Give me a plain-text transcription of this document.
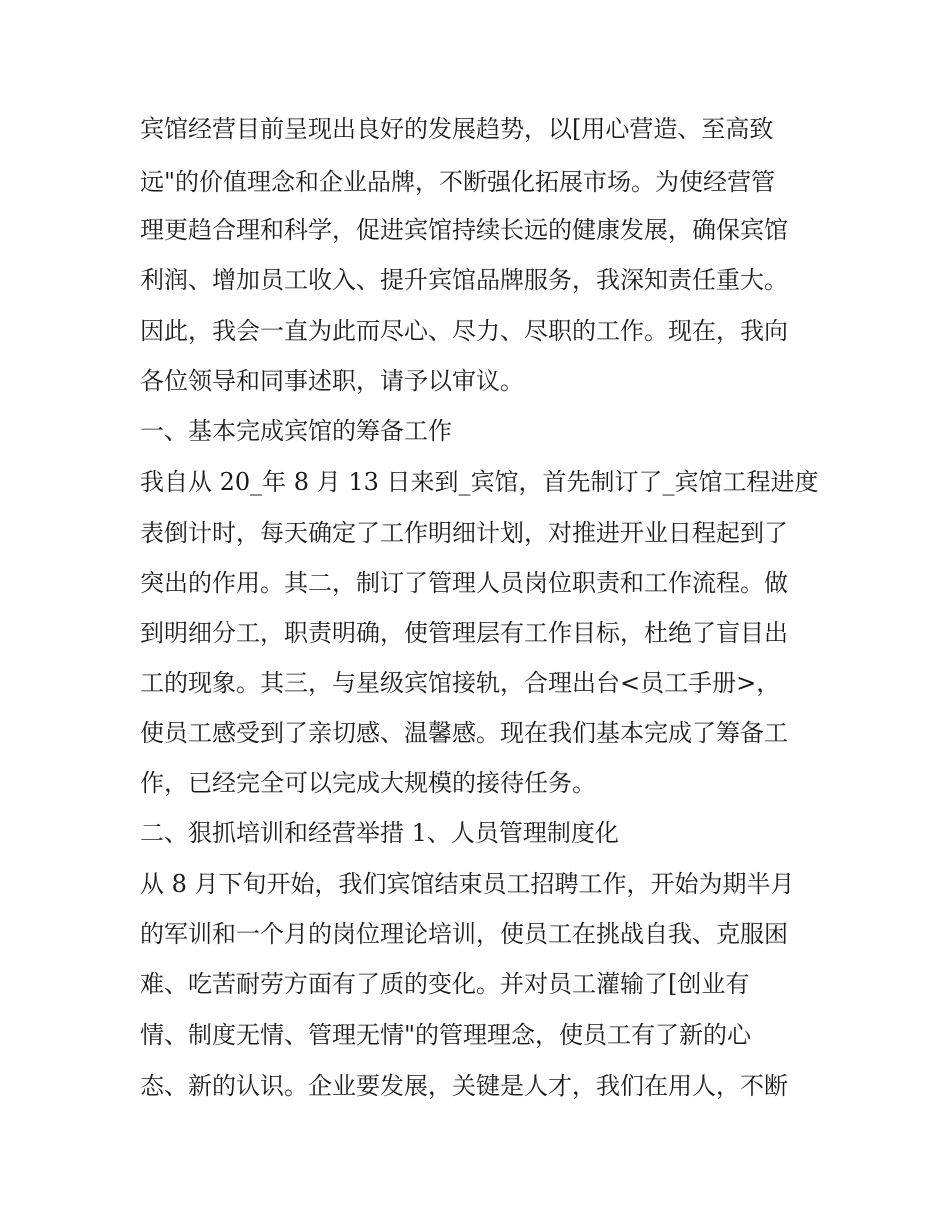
宾馆经营目前呈现出良好的发展趋势，以[用心营造、至高致
远"的价值理念和企业品牌，不断强化拓展市场。为使经营管
理更趋合理和科学，促进宾馆持续长远的健康发展，确保宾馆
利润、增加员工收入、提升宾馆品牌服务，我深知责任重大。
因此，我会一直为此而尽心、尽力、尽职的工作。现在，我向
各位领导和同事述职，请予以审议。
一、基本完成宾馆的筹备工作
我自从 20_年 8 月 13 日来到_宾馆，首先制订了_宾馆工程进度
表倒计时，每天确定了工作明细计划，对推进开业日程起到了
突出的作用。其二，制订了管理人员岗位职责和工作流程。做
到明细分工，职责明确，使管理层有工作目标，杜绝了盲目出
工的现象。其三，与星级宾馆接轨，合理出台<员工手册>，
使员工感受到了亲切感、温馨感。现在我们基本完成了筹备工
作，已经完全可以完成大规模的接待任务。
二、狠抓培训和经营举措 1、人员管理制度化
从 8 月下旬开始，我们宾馆结束员工招聘工作，开始为期半月
的军训和一个月的岗位理论培训，使员工在挑战自我、克服困
难、吃苦耐劳方面有了质的变化。并对员工灌输了[创业有
情、制度无情、管理无情"的管理理念，使员工有了新的心
态、新的认识。企业要发展，关键是人才，我们在用人，不断
